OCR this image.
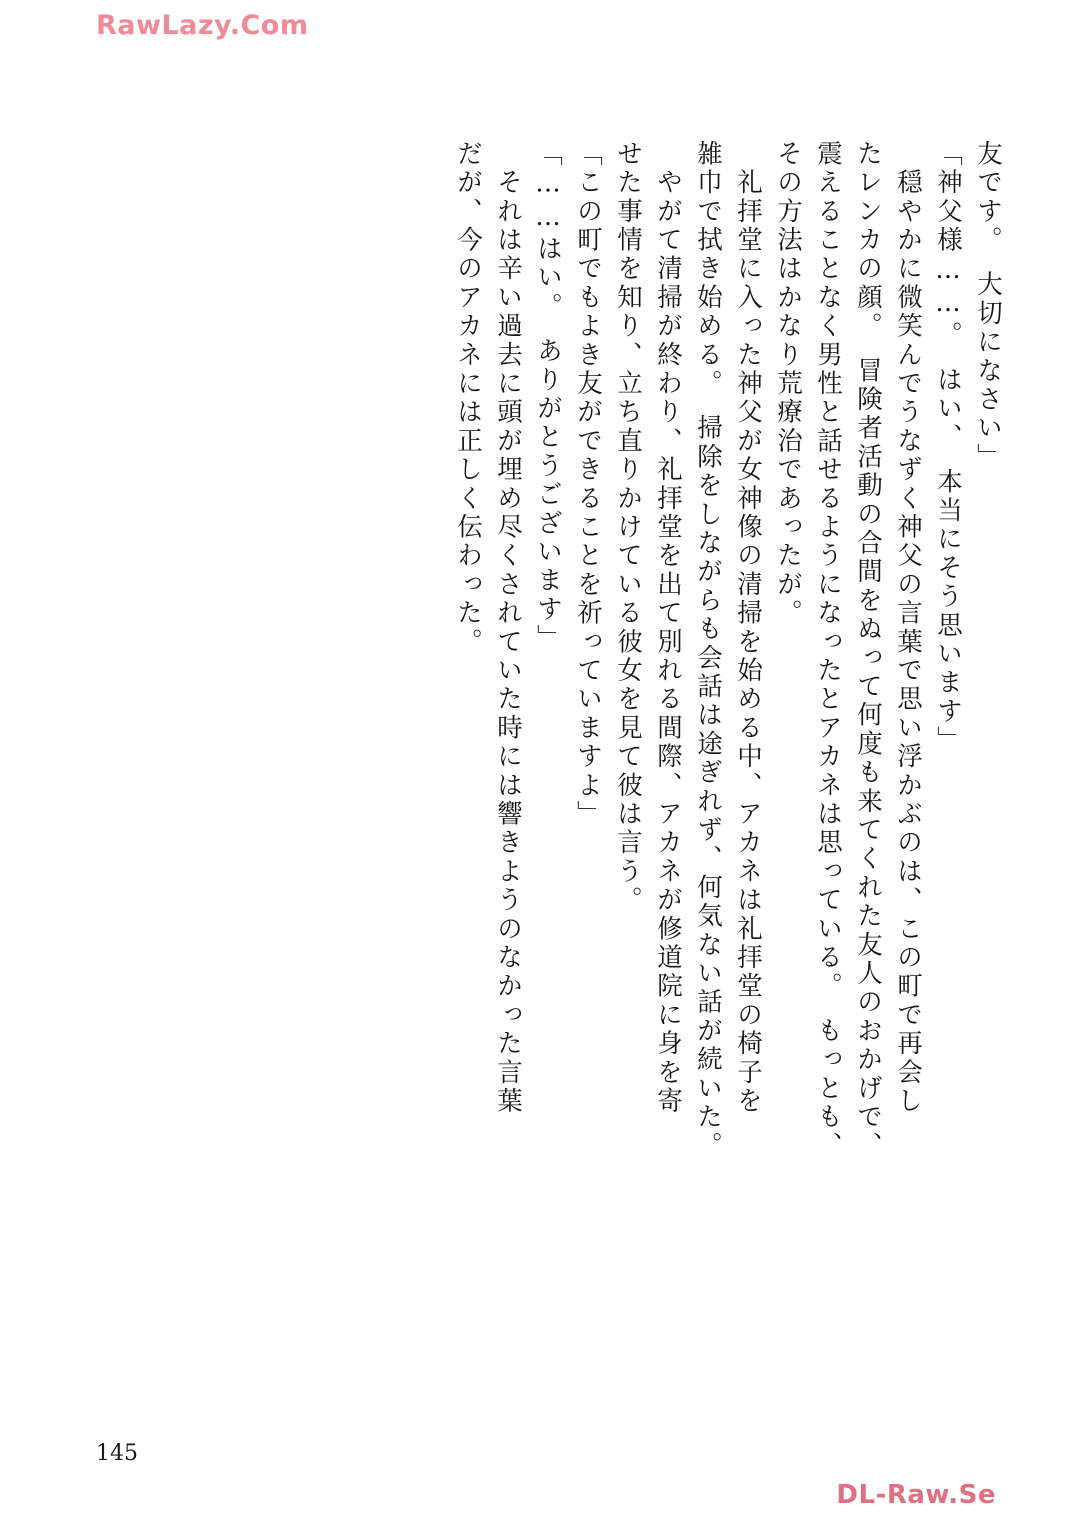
RawLazy.Com
友です。　大切になさい」
「神父様……。　はい、　本当にそう思います」
　穏やかに微笑んでうなずく神父の言葉で思い浮かぶのは、この町で再会し
たレンカの顔。　冒険者活動の合間をぬって何度も来てくれた友人のおかげで、
震えることなく男性と話せるようになったとアカネは思っている。　もっとも、
その方法はかなり荒療治であったが。
　礼拝堂に入った神父が女神像の清掃を始める中、アカネは礼拝堂の椅子を
雑巾で拭き始める。　掃除をしながらも会話は途ぎれず、何気ない話が続いた。
　やがて清掃が終わり、礼拝堂を出て別れる間際、アカネが修道院に身を寄
せた事情を知り、立ち直りかけている彼女を見て彼は言う。
「この町でもよき友ができることを祈っていますよ」
「……はい。　ありがとうございます」
　それは辛い過去に頭が埋め尽くされていた時には響きようのなかった言葉
だが、今のアカネには正しく伝わった。
145
DL-Raw.Se
